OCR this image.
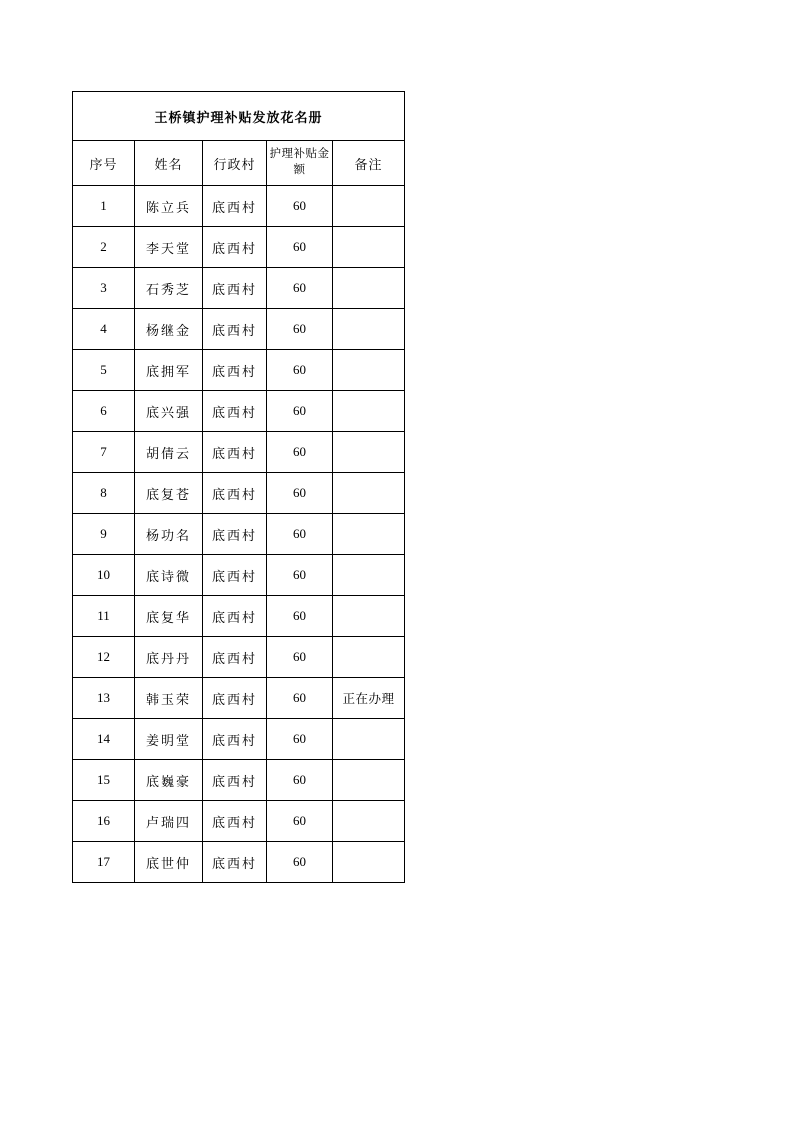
王桥镇护理补贴发放花名册				
序号	姓名	行政村	护理补贴金额	备注
1	陈立兵	底西村	60	
2	李天堂	底西村	60	
3	石秀芝	底西村	60	
4	杨继金	底西村	60	
5	底拥军	底西村	60	
6	底兴强	底西村	60	
7	胡倩云	底西村	60	
8	底复苍	底西村	60	
9	杨功名	底西村	60	
10	底诗微	底西村	60	
11	底复华	底西村	60	
12	底丹丹	底西村	60	
13	韩玉荣	底西村	60	正在办理
14	姜明堂	底西村	60	
15	底巍豪	底西村	60	
16	卢瑞四	底西村	60	
17	底世仲	底西村	60	
